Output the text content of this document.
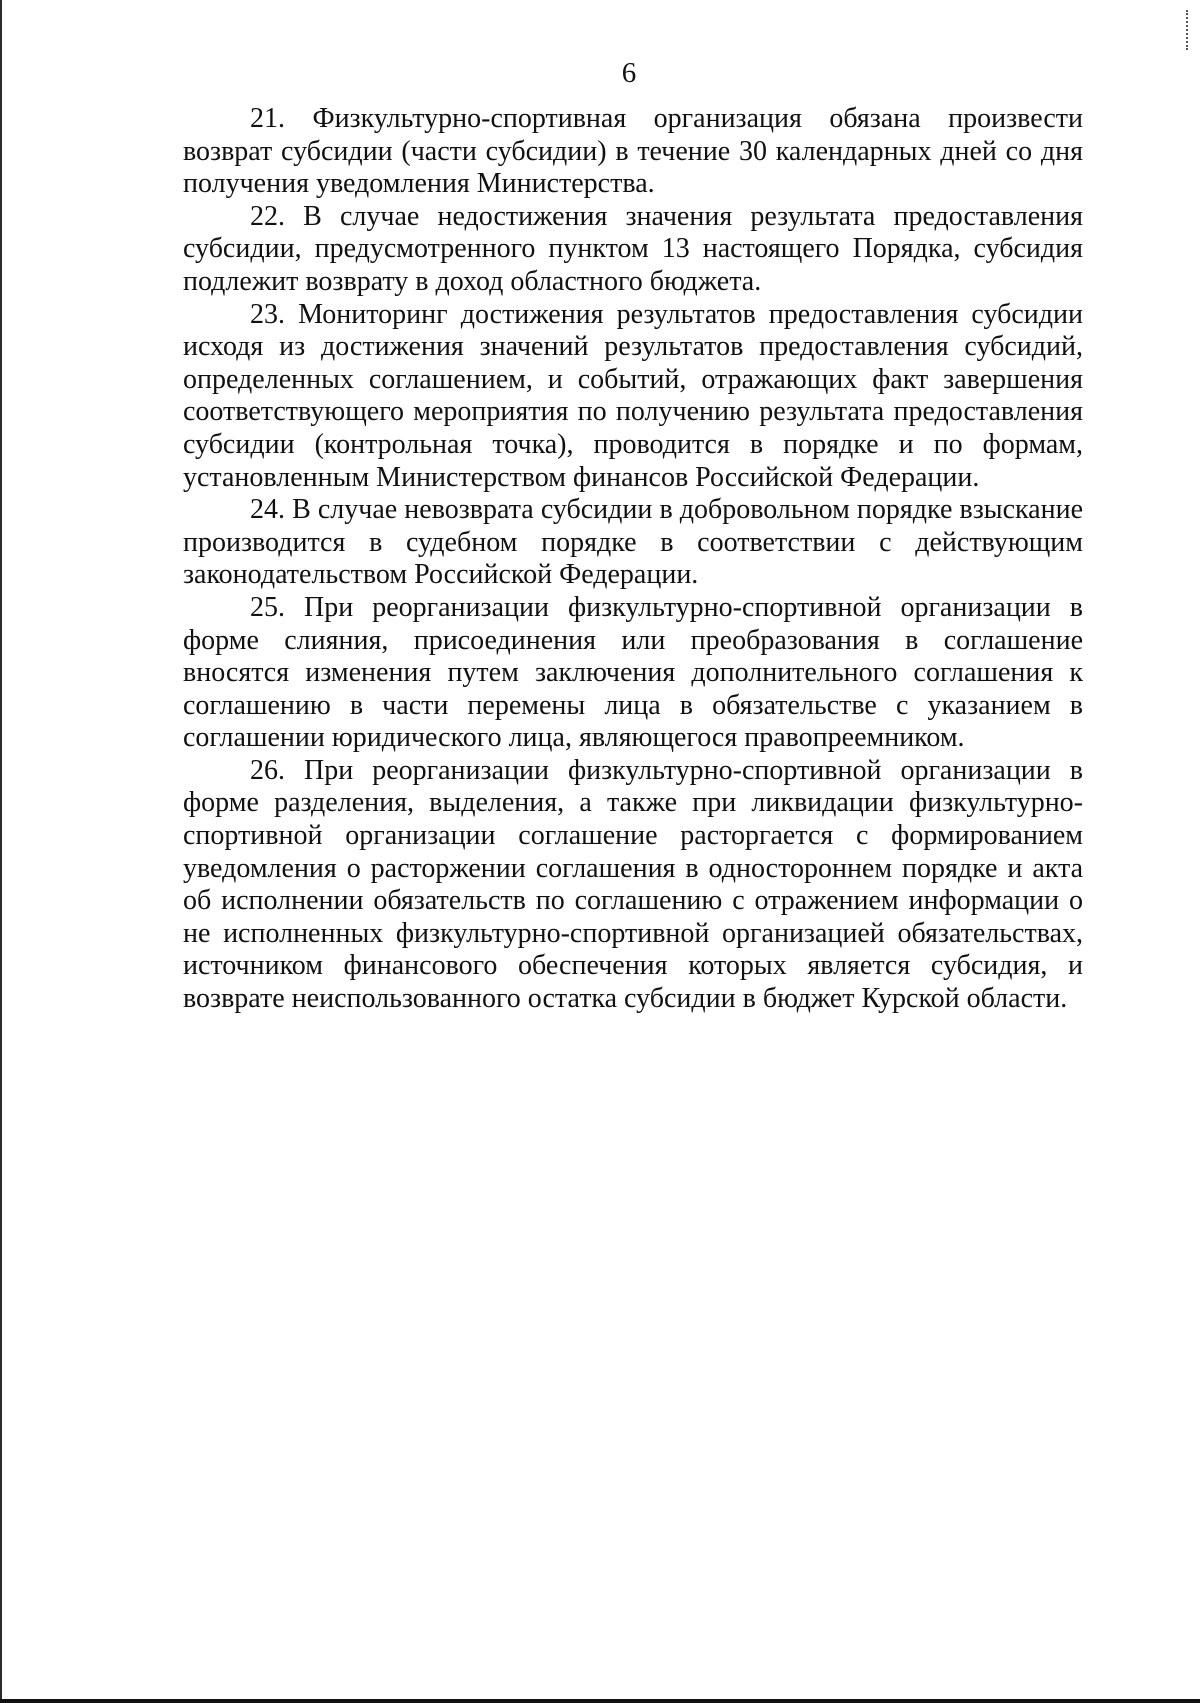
6

21. Физкультурно-спортивная организация обязана произвести возврат субсидии (части субсидии) в течение 30 календарных дней со дня получения уведомления Министерства.

22. В случае недостижения значения результата предоставления субсидии, предусмотренного пунктом 13 настоящего Порядка, субсидия подлежит возврату в доход областного бюджета.

23. Мониторинг достижения результатов предоставления субсидии исходя из достижения значений результатов предоставления субсидий, определенных соглашением, и событий, отражающих факт завершения соответствующего мероприятия по получению результата предоставления субсидии (контрольная точка), проводится в порядке и по формам, установленным Министерством финансов Российской Федерации.

24. В случае невозврата субсидии в добровольном порядке взыскание производится в судебном порядке в соответствии с действующим законодательством Российской Федерации.

25. При реорганизации физкультурно-спортивной организации в форме слияния, присоединения или преобразования в соглашение вносятся изменения путем заключения дополнительного соглашения к соглашению в части перемены лица в обязательстве с указанием в соглашении юридического лица, являющегося правопреемником.

26. При реорганизации физкультурно-спортивной организации в форме разделения, выделения, а также при ликвидации физкультурно-спортивной организации соглашение расторгается с формированием уведомления о расторжении соглашения в одностороннем порядке и акта об исполнении обязательств по соглашению с отражением информации о не исполненных физкультурно-спортивной организацией обязательствах, источником финансового обеспечения которых является субсидия, и возврате неиспользованного остатка субсидии в бюджет Курской области.
